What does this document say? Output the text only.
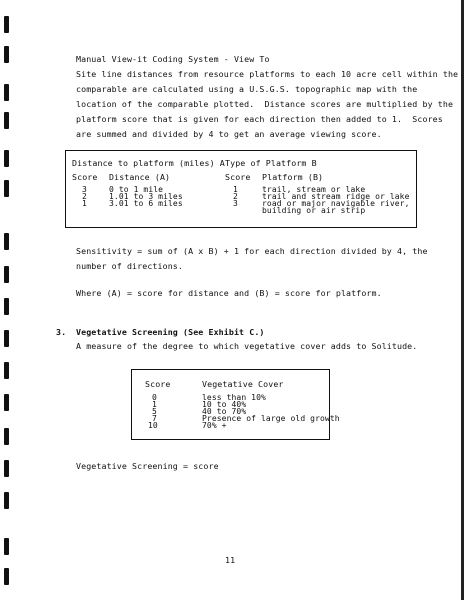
Manual View-it Coding System - View To
Site line distances from resource platforms to each 10 acre cell within the
comparable are calculated using a U.S.G.S. topographic map with the
location of the comparable plotted.  Distance scores are multiplied by the
platform score that is given for each direction then added to 1.  Scores
are summed and divided by 4 to get an average viewing score.
Distance to platform (miles) A
Score Distance (A)
3
2
1
0 to 1 mile
1.01 to 3 miles
3.01 to 6 miles
Type of Platform B
Score Platform (B)
1
2
3
trail, stream or lake
trail and stream ridge or lake
road or major navigable river,
building or air strip
Sensitivity = sum of (A x B) + 1 for each direction divided by 4, the
number of directions.
Where (A) = score for distance and (B) = score for platform.
3. Vegetative Screening (See Exhibit C.)
A measure of the degree to which vegetative cover adds to Solitude.
Score	Vegetative Cover
0
1
5
7
10
less than 10%
10 to 40%
40 to 70%
Presence of large old growth
70% +
Vegetative Screening = score
11
